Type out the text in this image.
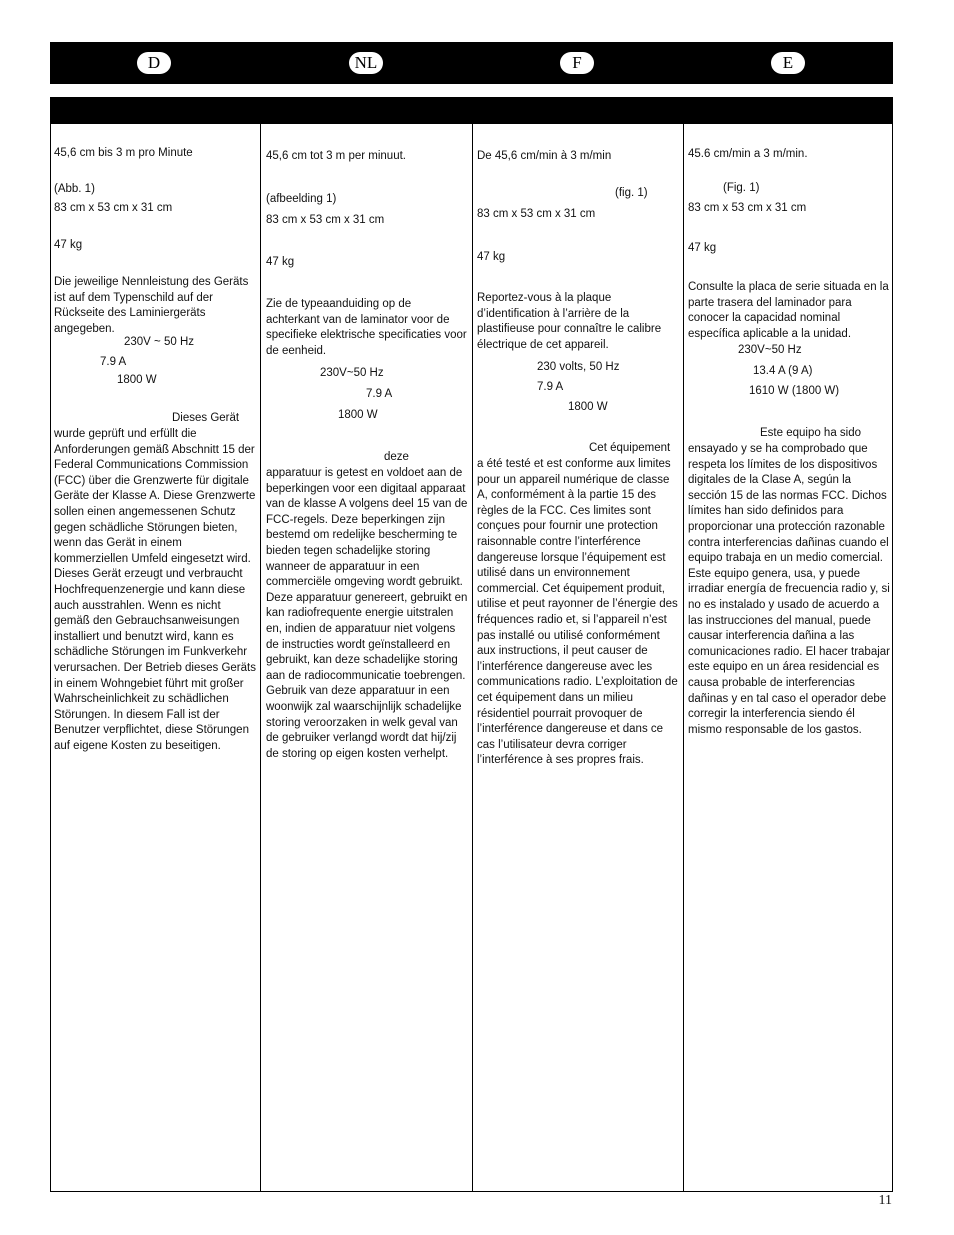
D	NL	F	E

45,6 cm bis 3 m pro Minute

(Abb. 1)

83 cm x 53 cm x 31 cm

47 kg

Die jeweilige Nennleistung des Geräts ist auf dem Typenschild auf der Rückseite des Laminiergeräts angegeben.

230V ~ 50 Hz

7.9 A

1800 W

Dieses Gerät

wurde geprüft und erfüllt die Anforderungen gemäß Abschnitt 15 der Federal Communications Commission (FCC) über die Grenzwerte für digitale Geräte der Klasse A. Diese Grenzwerte sollen einen angemessenen Schutz gegen schädliche Störungen bieten, wenn das Gerät in einem kommerziellen Umfeld eingesetzt wird. Dieses Gerät erzeugt und verbraucht Hochfrequenzenergie und kann diese auch ausstrahlen. Wenn es nicht gemäß den Gebrauchsanweisungen installiert und benutzt wird, kann es schädliche Störungen im Funkverkehr verursachen. Der Betrieb dieses Geräts in einem Wohngebiet führt mit großer Wahrscheinlichkeit zu schädlichen Störungen. In diesem Fall ist der Benutzer verpflichtet, diese Störungen auf eigene Kosten zu beseitigen.

45,6 cm tot 3 m per minuut.

(afbeelding 1)

83 cm x 53 cm x 31 cm

47 kg

Zie de typeaanduiding op de achterkant van de laminator voor de specifieke elektrische specificaties voor de eenheid.

230V~50 Hz

7.9 A

1800 W

deze

apparatuur is getest en voldoet aan de beperkingen voor een digitaal apparaat van de klasse A volgens deel 15 van de FCC-regels. Deze beperkingen zijn bestemd om redelijke bescherming te bieden tegen schadelijke storing wanneer de apparatuur in een commerciële omgeving wordt gebruikt. Deze apparatuur genereert, gebruikt en kan radiofrequente energie uitstralen en, indien de apparatuur niet volgens de instructies wordt geïnstalleerd en gebruikt, kan deze schadelijke storing aan de radiocommunicatie toebrengen. Gebruik van deze apparatuur in een woonwijk zal waarschijnlijk schadelijke storing veroorzaken in welk geval van de gebruiker verlangd wordt dat hij/zij de storing op eigen kosten verhelpt.

De 45,6 cm/min à 3 m/min

(fig. 1)

83 cm x 53 cm x 31 cm

47 kg

Reportez-vous à la plaque d’identification à l’arrière de la plastifieuse pour connaître le calibre électrique de cet appareil.

230 volts, 50 Hz

7.9 A

1800 W

Cet équipement

a été testé et est conforme aux limites pour un appareil numérique de classe A, conformément à la partie 15 des règles de la FCC. Ces limites sont conçues pour fournir une protection raisonnable contre l’interférence dangereuse lorsque l’équipement est utilisé dans un environnement commercial. Cet équipement produit, utilise et peut rayonner de l’énergie des fréquences radio et, si l’appareil n’est pas installé ou utilisé conformément aux instructions, il peut causer de l’interférence dangereuse avec les communications radio. L’exploitation de cet équipement dans un milieu résidentiel pourrait provoquer de l’interférence dangereuse et dans ce cas l’utilisateur devra corriger l’interférence à ses propres frais.

45.6 cm/min a 3 m/min.

(Fig. 1)

83 cm x 53 cm x 31 cm

47 kg

Consulte la placa de serie situada en la parte trasera del laminador para conocer la capacidad nominal específica aplicable a la unidad.

230V~50 Hz

13.4 A (9 A)

1610 W (1800 W)

Este equipo ha sido

ensayado y se ha comprobado que respeta los límites de los dispositivos digitales de la Clase A, según la sección 15 de las normas FCC. Dichos límites han sido definidos para proporcionar una protección razonable contra interferencias dañinas cuando el equipo trabaja en un medio comercial. Este equipo genera, usa, y puede irradiar energía de frecuencia radio y, si no es instalado y usado de acuerdo a las instrucciones del manual, puede causar interferencia dañina a las comunicaciones radio. El hacer trabajar este equipo en un área residencial es causa probable de interferencias dañinas y en tal caso el operador debe corregir la interferencia siendo él mismo responsable de los gastos.

11
